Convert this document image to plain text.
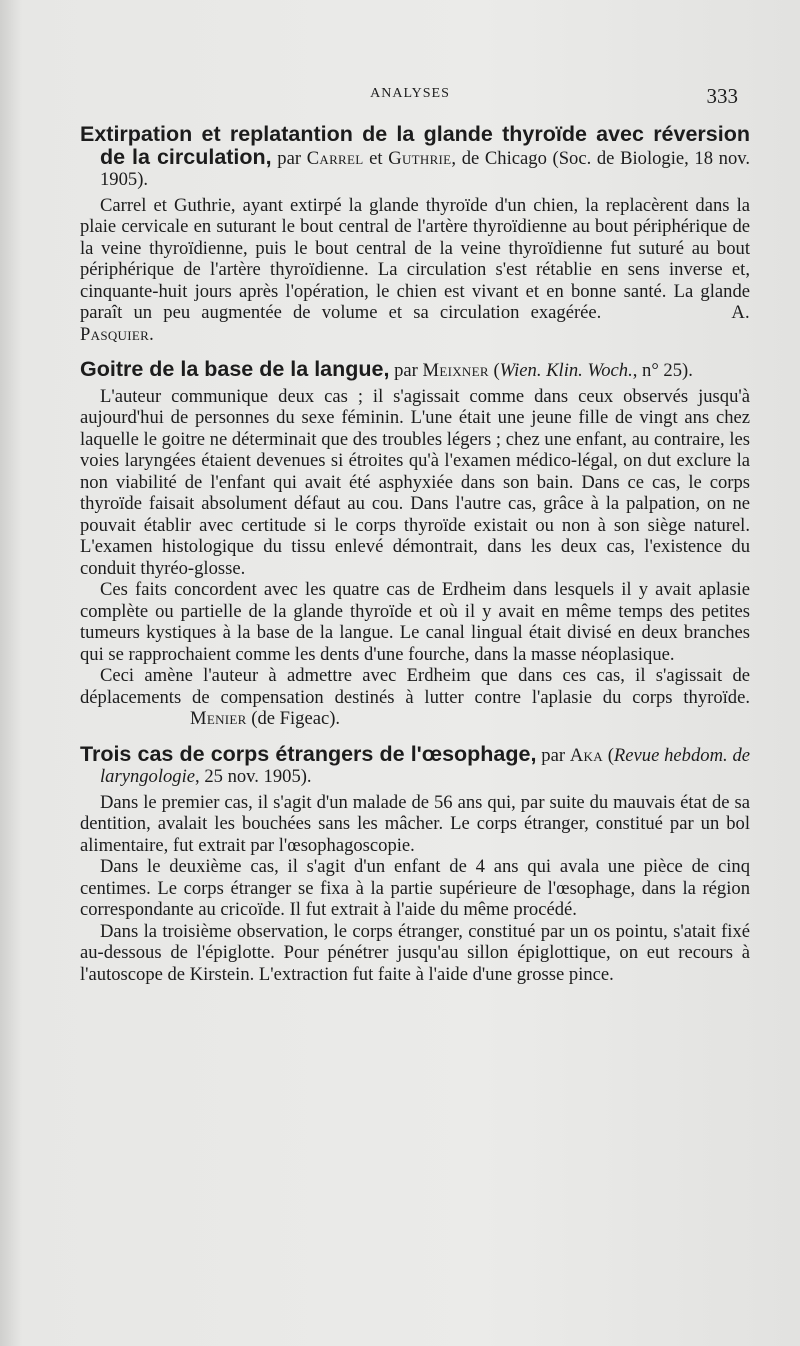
ANALYSES	333

Extirpation et replatantion de la glande thyroïde avec réversion de la circulation, par Carrel et Guthrie, de Chicago (Soc. de Biologie, 18 nov. 1905).

Carrel et Guthrie, ayant extirpé la glande thyroïde d'un chien, la replacèrent dans la plaie cervicale en suturant le bout central de l'artère thyroïdienne au bout périphérique de la veine thyroïdienne, puis le bout central de la veine thyroïdienne fut suturé au bout périphérique de l'artère thyroïdienne. La circulation s'est rétablie en sens inverse et, cinquante-huit jours après l'opération, le chien est vivant et en bonne santé. La glande paraît un peu augmentée de volume et sa circulation exagérée.	A. Pasquier.

Goitre de la base de la langue, par Meixner (Wien. Klin. Woch., n° 25).

L'auteur communique deux cas ; il s'agissait comme dans ceux observés jusqu'à aujourd'hui de personnes du sexe féminin. L'une était une jeune fille de vingt ans chez laquelle le goitre ne déterminait que des troubles légers ; chez une enfant, au contraire, les voies laryngées étaient devenues si étroites qu'à l'examen médico-légal, on dut exclure la non viabilité de l'enfant qui avait été asphyxiée dans son bain. Dans ce cas, le corps thyroïde faisait absolument défaut au cou. Dans l'autre cas, grâce à la palpation, on ne pouvait établir avec certitude si le corps thyroïde existait ou non à son siège naturel. L'examen histologique du tissu enlevé démontrait, dans les deux cas, l'existence du conduit thyréo-glosse.

Ces faits concordent avec les quatre cas de Erdheim dans lesquels il y avait aplasie complète ou partielle de la glande thyroïde et où il y avait en même temps des petites tumeurs kystiques à la base de la langue. Le canal lingual était divisé en deux branches qui se rapprochaient comme les dents d'une fourche, dans la masse néoplasique.

Ceci amène l'auteur à admettre avec Erdheim que dans ces cas, il s'agissait de déplacements de compensation destinés à lutter contre l'aplasie du corps thyroïde.Menier (de Figeac).

Trois cas de corps étrangers de l'œsophage, par Aka (Revue hebdom. de laryngologie, 25 nov. 1905).

Dans le premier cas, il s'agit d'un malade de 56 ans qui, par suite du mauvais état de sa dentition, avalait les bouchées sans les mâcher. Le corps étranger, constitué par un bol alimentaire, fut extrait par l'œsophagoscopie.

Dans le deuxième cas, il s'agit d'un enfant de 4 ans qui avala une pièce de cinq centimes. Le corps étranger se fixa à la partie supérieure de l'œsophage, dans la région correspondante au cricoïde. Il fut extrait à l'aide du même procédé.

Dans la troisième observation, le corps étranger, constitué par un os pointu, s'atait fixé au-dessous de l'épiglotte. Pour pénétrer jusqu'au sillon épiglottique, on eut recours à l'autoscope de Kirstein. L'extraction fut faite à l'aide d'une grosse pince.
